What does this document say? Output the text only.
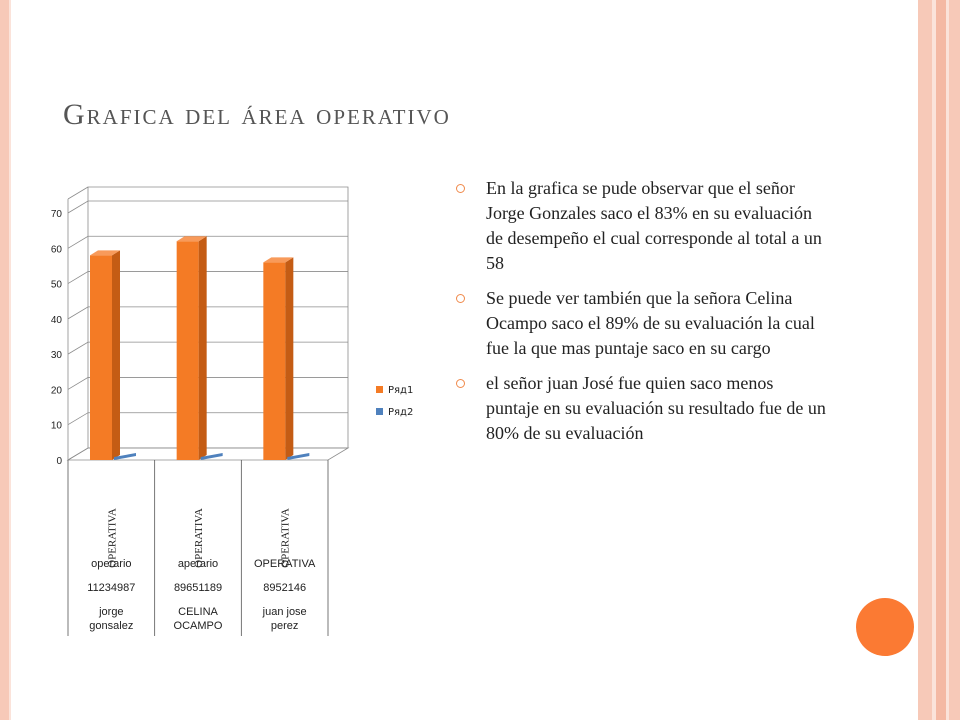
Grafica del área operativo
0
10
20
30
40
50
60
70
OPERATIVA
operario
11234987
jorge
gonsalez
OPERATIVA
aperario
89651189
CELINA
OCAMPO
OPERATIVA
OPERATIVA
8952146
juan jose
perez
Ряд1
Ряд2
En la grafica se pude observar que el señor Jorge Gonzales saco el 83% en su evaluación de desempeño el cual corresponde al total a un 58
Se puede ver también que la señora Celina Ocampo saco el 89% de su evaluación la cual fue la que mas puntaje saco en su cargo
el señor juan José fue quien saco menos puntaje en su evaluación su resultado fue de un 80% de su evaluación
